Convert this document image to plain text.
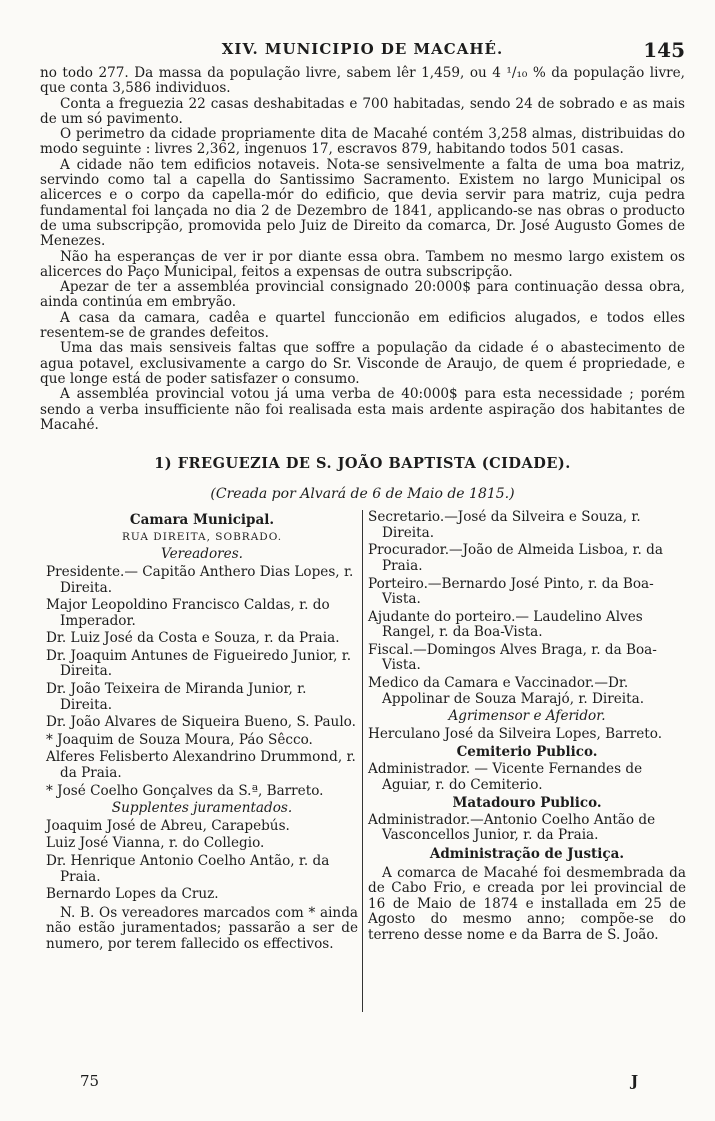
XIV. MUNICIPIO DE MACAHÉ.	145

no todo 277. Da massa da população livre, sabem lêr 1,459, ou 4 ¹/₁₀ % da população livre, que conta 3,586 individuos.

Conta a freguezia 22 casas deshabitadas e 700 habitadas, sendo 24 de sobrado e as mais de um só pavimento.

O perimetro da cidade propriamente dita de Macahé contém 3,258 almas, distribuidas do modo seguinte : livres 2,362, ingenuos 17, escravos 879, habitando todos 501 casas.

A cidade não tem edificios notaveis. Nota-se sensivelmente a falta de uma boa matriz, servindo como tal a capella do Santissimo Sacramento. Existem no largo Municipal os alicerces e o corpo da capella-mór do edificio, que devia servir para matriz, cuja pedra fundamental foi lançada no dia 2 de Dezembro de 1841, applicando-se nas obras o producto de uma subscripção, promovida pelo Juiz de Direito da comarca, Dr. José Augusto Gomes de Menezes.

Não ha esperanças de ver ir por diante essa obra. Tambem no mesmo largo existem os alicerces do Paço Municipal, feitos a expensas de outra subscripção.

Apezar de ter a assembléa provincial consignado 20:000$ para continuação dessa obra, ainda continúa em embryão.

A casa da camara, cadêa e quartel funccionão em edificios alugados, e todos elles resentem-se de grandes defeitos.

Uma das mais sensiveis faltas que soffre a população da cidade é o abastecimento de agua potavel, exclusivamente a cargo do Sr. Visconde de Araujo, de quem é propriedade, e que longe está de poder satisfazer o consumo.

A assembléa provincial votou já uma verba de 40:000$ para esta necessidade ; porém sendo a verba insufficiente não foi realisada esta mais ardente aspiração dos habitantes de Macahé.

1) FREGUEZIA DE S. JOÃO BAPTISTA (CIDADE).
(Creada por Alvará de 6 de Maio de 1815.)
Camara Municipal.
RUA DIREITA, SOBRADO.
Vereadores.
Presidente.— Capitão Anthero Dias Lopes, r. Direita.
Major Leopoldino Francisco Caldas, r. do Imperador.
Dr. Luiz José da Costa e Souza, r. da Praia.
Dr. Joaquim Antunes de Figueiredo Junior, r. Direita.
Dr. João Teixeira de Miranda Junior, r. Direita.
Dr. João Alvares de Siqueira Bueno, S. Paulo.
* Joaquim de Souza Moura, Páo Sêcco.
Alferes Felisberto Alexandrino Drummond, r. da Praia.
* José Coelho Gonçalves da S.ª, Barreto.
Supplentes juramentados.
Joaquim José de Abreu, Carapebús.
Luiz José Vianna, r. do Collegio.
Dr. Henrique Antonio Coelho Antão, r. da Praia.
Bernardo Lopes da Cruz.
N. B. Os vereadores marcados com * ainda não estão juramentados; passarão a ser de numero, por terem fallecido os effectivos.
Secretario.—José da Silveira e Souza, r. Direita.
Procurador.—João de Almeida Lisboa, r. da Praia.
Porteiro.—Bernardo José Pinto, r. da Boa-Vista.
Ajudante do porteiro.— Laudelino Alves Rangel, r. da Boa-Vista.
Fiscal.—Domingos Alves Braga, r. da Boa-Vista.
Medico da Camara e Vaccinador.—Dr. Appolinar de Souza Marajó, r. Direita.
Agrimensor e Aferidor.
Herculano José da Silveira Lopes, Barreto.
Cemiterio Publico.
Administrador. — Vicente Fernandes de Aguiar, r. do Cemiterio.
Matadouro Publico.
Administrador.—Antonio Coelho Antão de Vasconcellos Junior, r. da Praia.
Administração de Justiça.
A comarca de Macahé foi desmembrada da de Cabo Frio, e creada por lei provincial de 16 de Maio de 1874 e installada em 25 de Agosto do mesmo anno; compõe-se do terreno desse nome e da Barra de S. João.
75	J
